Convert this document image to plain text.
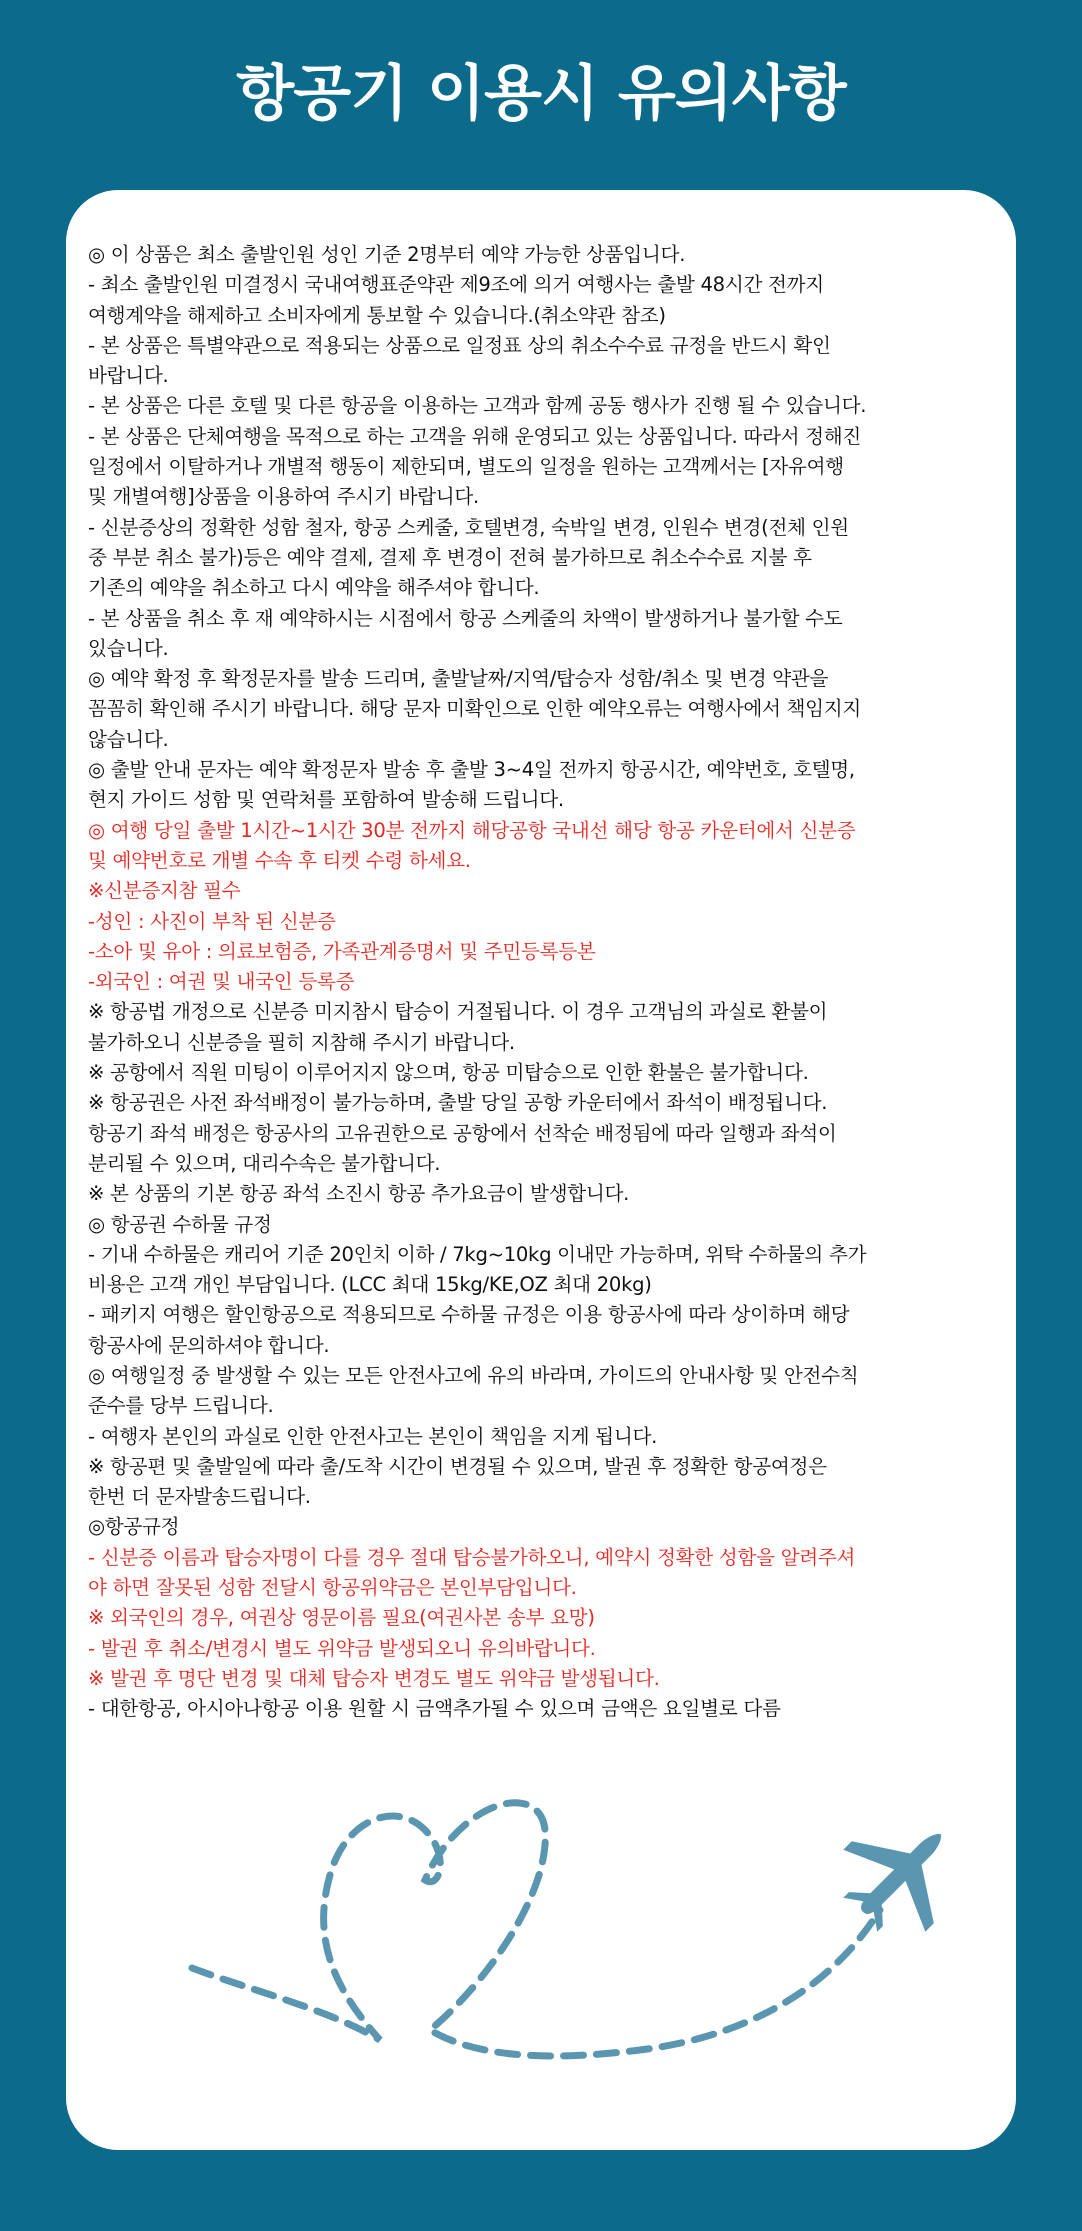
항공기 이용시 유의사항
◎ 이 상품은 최소 출발인원 성인 기준 2명부터 예약 가능한 상품입니다.
- 최소 출발인원 미결정시 국내여행표준약관 제9조에 의거 여행사는 출발 48시간 전까지
여행계약을 해제하고 소비자에게 통보할 수 있습니다.(취소약관 참조)
- 본 상품은 특별약관으로 적용되는 상품으로 일정표 상의 취소수수료 규정을 반드시 확인
바랍니다.
- 본 상품은 다른 호텔 및 다른 항공을 이용하는 고객과 함께 공동 행사가 진행 될 수 있습니다.
- 본 상품은 단체여행을 목적으로 하는 고객을 위해 운영되고 있는 상품입니다. 따라서 정해진
일정에서 이탈하거나 개별적 행동이 제한되며, 별도의 일정을 원하는 고객께서는 [자유여행
및 개별여행]상품을 이용하여 주시기 바랍니다.
- 신분증상의 정확한 성함 철자, 항공 스케줄, 호텔변경, 숙박일 변경, 인원수 변경(전체 인원
중 부분 취소 불가)등은 예약 결제, 결제 후 변경이 전혀 불가하므로 취소수수료 지불 후
기존의 예약을 취소하고 다시 예약을 해주셔야 합니다.
- 본 상품을 취소 후 재 예약하시는 시점에서 항공 스케줄의 차액이 발생하거나 불가할 수도
있습니다.
◎ 예약 확정 후 확정문자를 발송 드리며, 출발날짜/지역/탑승자 성함/취소 및 변경 약관을
꼼꼼히 확인해 주시기 바랍니다. 해당 문자 미확인으로 인한 예약오류는 여행사에서 책임지지
않습니다.
◎ 출발 안내 문자는 예약 확정문자 발송 후 출발 3~4일 전까지 항공시간, 예약번호, 호텔명,
현지 가이드 성함 및 연락처를 포함하여 발송해 드립니다.
◎ 여행 당일 출발 1시간~1시간 30분 전까지 해당공항 국내선 해당 항공 카운터에서 신분증
및 예약번호로 개별 수속 후 티켓 수령 하세요.
※신분증지참 필수
-성인 : 사진이 부착 된 신분증
-소아 및 유아 : 의료보험증, 가족관계증명서 및 주민등록등본
-외국인 : 여권 및 내국인 등록증
※ 항공법 개정으로 신분증 미지참시 탑승이 거절됩니다. 이 경우 고객님의 과실로 환불이
불가하오니 신분증을 필히 지참해 주시기 바랍니다.
※ 공항에서 직원 미팅이 이루어지지 않으며, 항공 미탑승으로 인한 환불은 불가합니다.
※ 항공권은 사전 좌석배정이 불가능하며, 출발 당일 공항 카운터에서 좌석이 배정됩니다.
항공기 좌석 배정은 항공사의 고유권한으로 공항에서 선착순 배정됨에 따라 일행과 좌석이
분리될 수 있으며, 대리수속은 불가합니다.
※ 본 상품의 기본 항공 좌석 소진시 항공 추가요금이 발생합니다.
◎ 항공권 수하물 규정
- 기내 수하물은 캐리어 기준 20인치 이하 / 7kg~10kg 이내만 가능하며, 위탁 수하물의 추가
비용은 고객 개인 부담입니다. (LCC 최대 15kg/KE,OZ 최대 20kg)
- 패키지 여행은 할인항공으로 적용되므로 수하물 규정은 이용 항공사에 따라 상이하며 해당
항공사에 문의하셔야 합니다.
◎ 여행일정 중 발생할 수 있는 모든 안전사고에 유의 바라며, 가이드의 안내사항 및 안전수칙
준수를 당부 드립니다.
- 여행자 본인의 과실로 인한 안전사고는 본인이 책임을 지게 됩니다.
※ 항공편 및 출발일에 따라 출/도착 시간이 변경될 수 있으며, 발권 후 정확한 항공여정은
한번 더 문자발송드립니다.
◎항공규정
- 신분증 이름과 탑승자명이 다를 경우 절대 탑승불가하오니, 예약시 정확한 성함을 알려주셔
야 하면 잘못된 성함 전달시 항공위약금은 본인부담입니다.
※ 외국인의 경우, 여권상 영문이름 필요(여권사본 송부 요망)
- 발권 후 취소/변경시 별도 위약금 발생되오니 유의바랍니다.
※ 발권 후 명단 변경 및 대체 탑승자 변경도 별도 위약금 발생됩니다.
- 대한항공, 아시아나항공 이용 원할 시 금액추가될 수 있으며 금액은 요일별로 다름
